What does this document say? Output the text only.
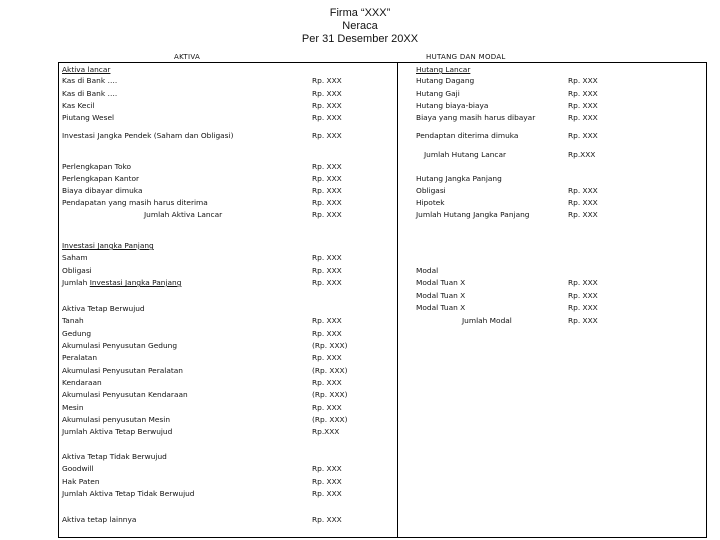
Firma “XXX”
Neraca
Per 31 Desember 20XX
AKTIVA	HUTANG DAN MODAL
Aktiva lancar
Kas di Bank ….
Kas di Bank ….
Kas Kecil
Piutang Wesel
Investasi Jangka Pendek (Saham dan Obligasi)
Perlengkapan Toko
Perlengkapan Kantor
Biaya dibayar dimuka
Pendapatan yang masih harus diterima
Jumlah Aktiva Lancar
Investasi Jangka Panjang
Saham
Obligasi
Jumlah Investasi Jangka Panjang
Aktiva Tetap Berwujud
Tanah
Gedung
Akumulasi Penyusutan Gedung
Peralatan
Akumulasi Penyusutan Peralatan
Kendaraan
Akumulasi Penyusutan Kendaraan
Mesin
Akumulasi penyusutan Mesin
Jumlah Aktiva Tetap Berwujud
Aktiva Tetap Tidak Berwujud
Goodwill
Hak Paten
Jumlah Aktiva Tetap Tidak Berwujud
Aktiva tetap lainnya
Rp. XXX
Rp. XXX
Rp. XXX
Rp. XXX
Rp. XXX
Rp. XXX
Rp. XXX
Rp. XXX
Rp. XXX
Rp. XXX
Rp. XXX
Rp. XXX
Rp. XXX
Rp. XXX
Rp. XXX
(Rp. XXX)
Rp. XXX
(Rp. XXX)
Rp. XXX
(Rp. XXX)
Rp. XXX
(Rp. XXX)
Rp.XXX
Rp. XXX
Rp. XXX
Rp. XXX
Rp. XXX
Hutang Lancar
Hutang Dagang
Hutang Gaji
Hutang biaya-biaya
Biaya yang masih harus dibayar
Pendaptan diterima dimuka
Jumlah Hutang Lancar
Hutang Jangka Panjang
Obligasi
Hipotek
Jumlah Hutang Jangka Panjang
Modal
Modal Tuan X
Modal Tuan X
Modal Tuan X
Jumlah Modal
Rp. XXX
Rp. XXX
Rp. XXX
Rp. XXX
Rp. XXX
Rp.XXX
Rp. XXX
Rp. XXX
Rp. XXX
Rp. XXX
Rp. XXX
Rp. XXX
Rp. XXX
